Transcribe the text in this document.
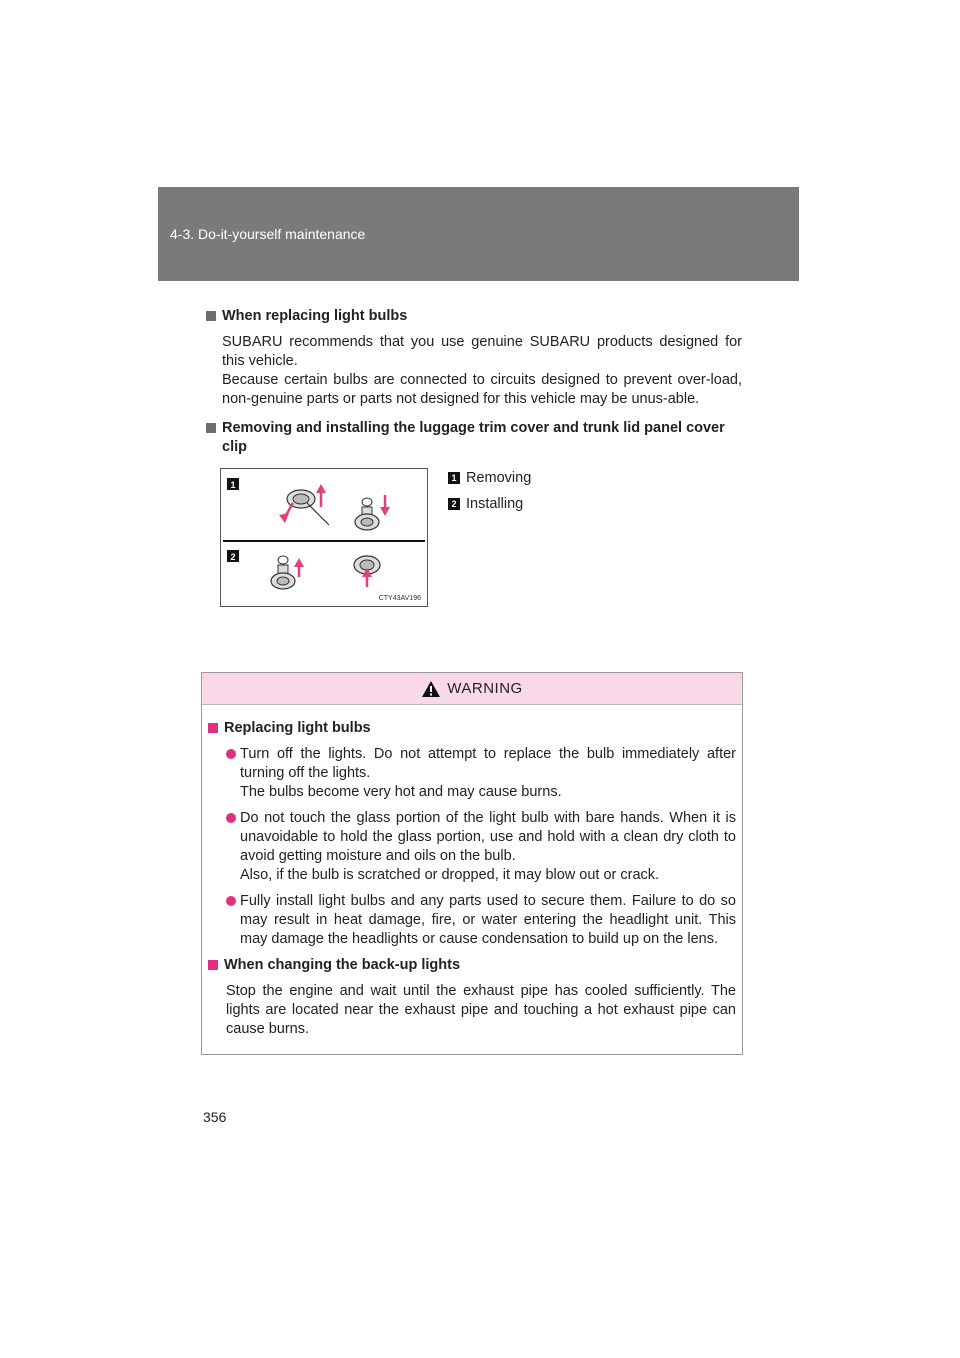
4-3. Do-it-yourself maintenance
When replacing light bulbs

SUBARU recommends that you use genuine SUBARU products designed for this vehicle.

Because certain bulbs are connected to circuits designed to prevent over-load, non-genuine parts or parts not designed for this vehicle may be unus-able.

Removing and installing the luggage trim cover and trunk lid panel cover clip
1
2
CTY43AV196
1 Removing
2 Installing
WARNING
Replacing light bulbs

Turn off the lights. Do not attempt to replace the bulb immediately after turning off the lights.

The bulbs become very hot and may cause burns.

Do not touch the glass portion of the light bulb with bare hands. When it is unavoidable to hold the glass portion, use and hold with a clean dry cloth to avoid getting moisture and oils on the bulb.

Also, if the bulb is scratched or dropped, it may blow out or crack.

Fully install light bulbs and any parts used to secure them. Failure to do so may result in heat damage, fire, or water entering the headlight unit. This may damage the headlights or cause condensation to build up on the lens.

When changing the back-up lights

Stop the engine and wait until the exhaust pipe has cooled sufficiently. The lights are located near the exhaust pipe and touching a hot exhaust pipe can cause burns.

356
